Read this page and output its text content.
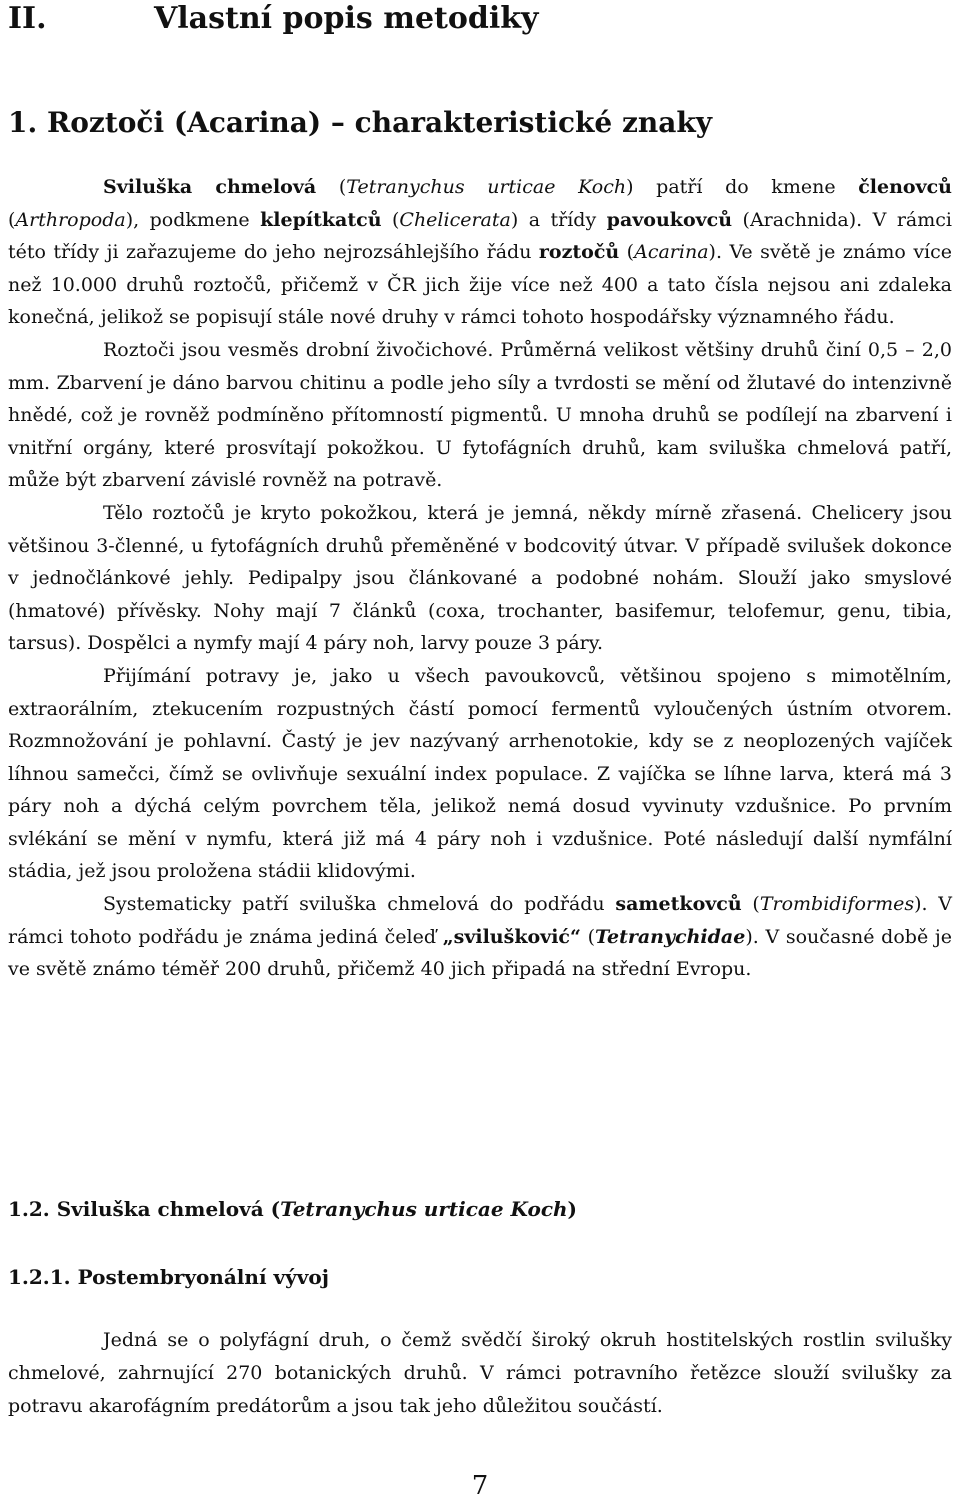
II.	Vlastní popis metodiky
1. Roztoči (Acarina) – charakteristické znaky

Sviluška chmelová (Tetranychus urticae Koch) patří do kmene členovců (Arthropoda), podkmene klepítkatců (Chelicerata) a třídy pavoukovců (Arachnida). V rámci této třídy ji zařazujeme do jeho nejrozsáhlejšího řádu roztočů (Acarina). Ve světě je známo více než 10.000 druhů roztočů, přičemž v ČR jich žije více než 400 a tato čísla nejsou ani zdaleka konečná, jelikož se popisují stále nové druhy v rámci tohoto hospodářsky významného řádu.

Roztoči jsou vesměs drobní živočichové. Průměrná velikost většiny druhů činí 0,5 – 2,0 mm. Zbarvení je dáno barvou chitinu a podle jeho síly a tvrdosti se mění od žlutavé do intenzivně hnědé, což je rovněž podmíněno přítomností pigmentů. U mnoha druhů se podílejí na zbarvení i vnitřní orgány, které prosvítají pokožkou. U fytofágních druhů, kam sviluška chmelová patří, může být zbarvení závislé rovněž na potravě.

Tělo roztočů je kryto pokožkou, která je jemná, někdy mírně zřasená. Chelicery jsou většinou 3-členné, u fytofágních druhů přeměněné v bodcovitý útvar. V případě svilušek dokonce v jednočlánkové jehly. Pedipalpy jsou článkované a podobné nohám. Slouží jako smyslové (hmatové) přívěsky. Nohy mají 7 článků (coxa, trochanter, basifemur, telofemur, genu, tibia, tarsus). Dospělci a nymfy mají 4 páry noh, larvy pouze 3 páry.

Přijímání potravy je, jako u všech pavoukovců, většinou spojeno s mimotělním, extraorálním, ztekucením rozpustných částí pomocí fermentů vyloučených ústním otvorem. Rozmnožování je pohlavní. Častý je jev nazývaný arrhenotokie, kdy se z neoplozených vajíček líhnou samečci, čímž se ovlivňuje sexuální index populace. Z vajíčka se líhne larva, která má 3 páry noh a dýchá celým povrchem těla, jelikož nemá dosud vyvinuty vzdušnice. Po prvním svlékání se mění v nymfu, která již má 4 páry noh i vzdušnice. Poté následují další nymfální stádia, jež jsou proložena stádii klidovými.

Systematicky patří sviluška chmelová do podřádu sametkovců (Trombidiformes). V rámci tohoto podřádu je známa jediná čeleď „svilušković“ (Tetranychidae). V současné době je ve světě známo téměř 200 druhů, přičemž 40 jich připadá na střední Evropu.

1.2. Sviluška chmelová (Tetranychus urticae Koch)
1.2.1. Postembryonální vývoj

Jedná se o polyfágní druh, o čemž svědčí široký okruh hostitelských rostlin svilušky chmelové, zahrnující 270 botanických druhů. V rámci potravního řetězce slouží svilušky za potravu akarofágním predátorům a jsou tak jeho důležitou součástí.

7
